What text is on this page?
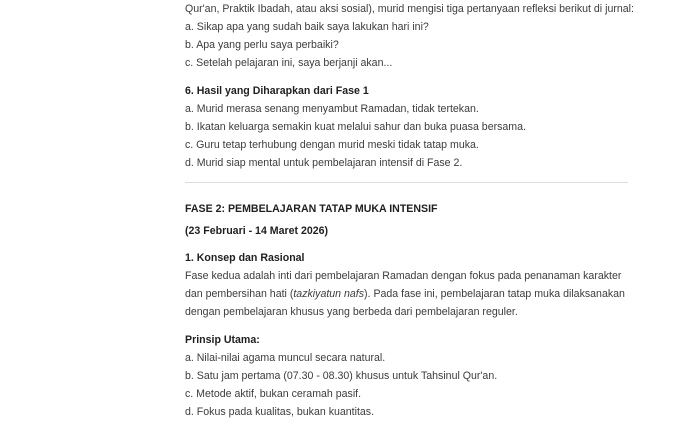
Qur'an, Praktik Ibadah, atau aksi sosial), murid mengisi tiga pertanyaan refleksi berikut di jurnal:
a. Sikap apa yang sudah baik saya lakukan hari ini?
b. Apa yang perlu saya perbaiki?
c. Setelah pelajaran ini, saya berjanji akan...
6. Hasil yang Diharapkan dari Fase 1
a. Murid merasa senang menyambut Ramadan, tidak tertekan.
b. Ikatan keluarga semakin kuat melalui sahur dan buka puasa bersama.
c. Guru tetap terhubung dengan murid meski tidak tatap muka.
d. Murid siap mental untuk pembelajaran intensif di Fase 2.
FASE 2: PEMBELAJARAN TATAP MUKA INTENSIF
(23 Februari - 14 Maret 2026)
1. Konsep dan Rasional
Fase kedua adalah inti dari pembelajaran Ramadan dengan fokus pada penanaman karakter
dan pembersihan hati (tazkiyatun nafs). Pada fase ini, pembelajaran tatap muka dilaksanakan
dengan pembelajaran khusus yang berbeda dari pembelajaran reguler.
Prinsip Utama:
a. Nilai-nilai agama muncul secara natural.
b. Satu jam pertama (07.30 - 08.30) khusus untuk Tahsinul Qur'an.
c. Metode aktif, bukan ceramah pasif.
d. Fokus pada kualitas, bukan kuantitas.
